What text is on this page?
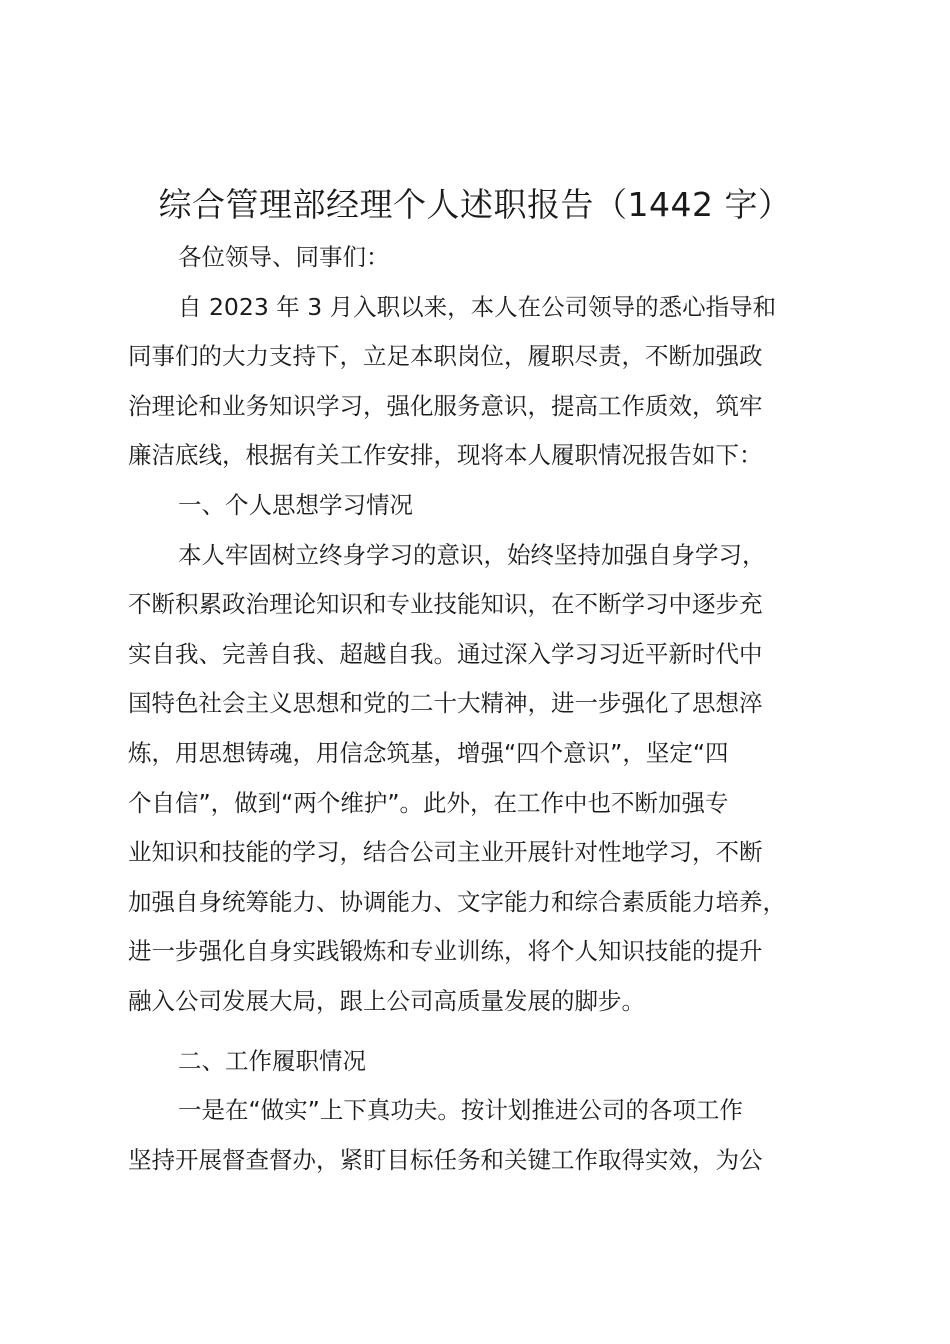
综合管理部经理个人述职报告（1442 字）
各位领导、同事们：
自 2023 年 3 月入职以来，本人在公司领导的悉心指导和
同事们的大力支持下，立足本职岗位，履职尽责，不断加强政
治理论和业务知识学习，强化服务意识，提高工作质效，筑牢
廉洁底线，根据有关工作安排，现将本人履职情况报告如下：
一、个人思想学习情况
本人牢固树立终身学习的意识，始终坚持加强自身学习，
不断积累政治理论知识和专业技能知识，在不断学习中逐步充
实自我、完善自我、超越自我。通过深入学习习近平新时代中
国特色社会主义思想和党的二十大精神，进一步强化了思想淬
炼，用思想铸魂，用信念筑基，增强“四个意识”，坚定“四
个自信”，做到“两个维护”。此外，在工作中也不断加强专
业知识和技能的学习，结合公司主业开展针对性地学习，不断
加强自身统筹能力、协调能力、文字能力和综合素质能力培养，
进一步强化自身实践锻炼和专业训练，将个人知识技能的提升
融入公司发展大局，跟上公司高质量发展的脚步。
二、工作履职情况
一是在“做实”上下真功夫。按计划推进公司的各项工作
坚持开展督查督办，紧盯目标任务和关键工作取得实效，为公
